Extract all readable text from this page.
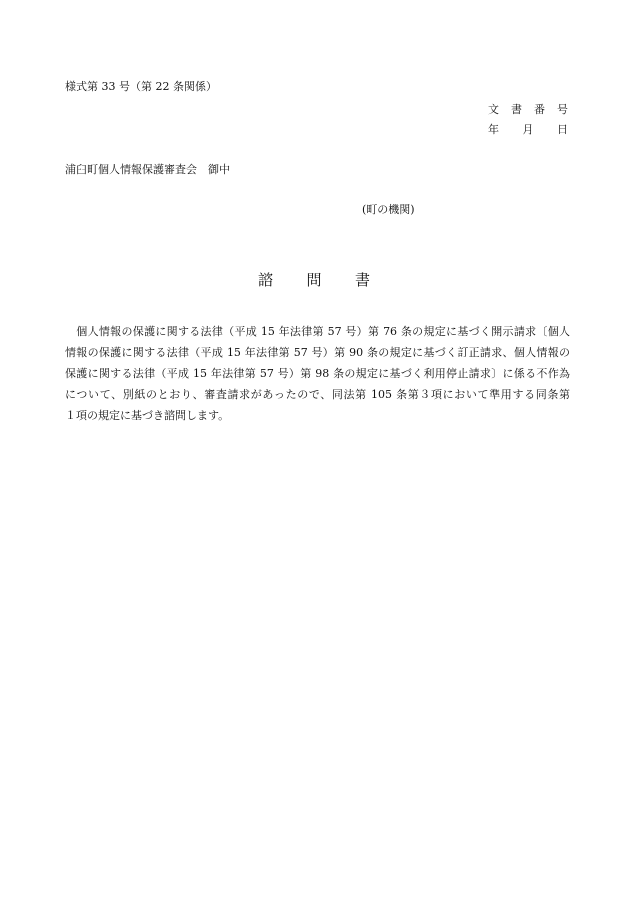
様式第 33 号（第 22 条関係）
文 書 番 号
年 月 日
浦臼町個人情報保護審査会　御中
(町の機関)
諮 問 書
　個人情報の保護に関する法律（平成 15 年法律第 57 号）第 76 条の規定に基づく開示請求〔個人
情報の保護に関する法律（平成 15 年法律第 57 号）第 90 条の規定に基づく訂正請求、個人情報の
保護に関する法律（平成 15 年法律第 57 号）第 98 条の規定に基づく利用停止請求〕に係る不作為
について、別紙のとおり、審査請求があったので、同法第 105 条第３項において準用する同条第
１項の規定に基づき諮問します。
